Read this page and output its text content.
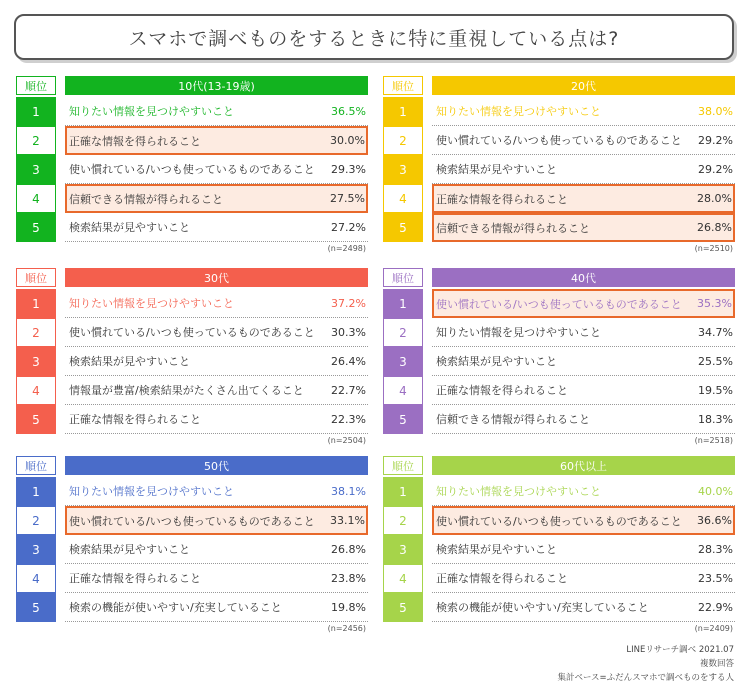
スマホで調べものをするときに特に重視している点は?
順位	10代(13-19歳)
1	知りたい情報を見つけやすいこと	36.5%
2	正確な情報を得られること	30.0%
3	使い慣れている/いつも使っているものであること 29.3%
4	信頼できる情報が得られること	27.5%
5	検索結果が見やすいこと	27.2%
(n=2498)
順位	20代
1	知りたい情報を見つけやすいこと	38.0%
2	使い慣れている/いつも使っているものであること 29.2%
3	検索結果が見やすいこと	29.2%
4	正確な情報を得られること	28.0%
5	信頼できる情報が得られること	26.8%
(n=2510)
順位	30代
1	知りたい情報を見つけやすいこと	37.2%
2	使い慣れている/いつも使っているものであること 30.3%
3	検索結果が見やすいこと	26.4%
4	情報量が豊富/検索結果がたくさん出てくること 22.7%
5	正確な情報を得られること	22.3%
(n=2504)
順位	40代
1	使い慣れている/いつも使っているものであること 35.3%
2	知りたい情報を見つけやすいこと	34.7%
3	検索結果が見やすいこと	25.5%
4	正確な情報を得られること	19.5%
5	信頼できる情報が得られること	18.3%
(n=2518)
順位	50代
1	知りたい情報を見つけやすいこと	38.1%
2	使い慣れている/いつも使っているものであること 33.1%
3	検索結果が見やすいこと	26.8%
4	正確な情報を得られること	23.8%
5	検索の機能が使いやすい/充実していること	19.8%
(n=2456)
順位	60代以上
1	知りたい情報を見つけやすいこと	40.0%
2	使い慣れている/いつも使っているものであること 36.6%
3	検索結果が見やすいこと	28.3%
4	正確な情報を得られること	23.5%
5	検索の機能が使いやすい/充実していること	22.9%
(n=2409)
LINEリサーチ調べ 2021.07
複数回答
集計ベース=ふだんスマホで調べものをする人
